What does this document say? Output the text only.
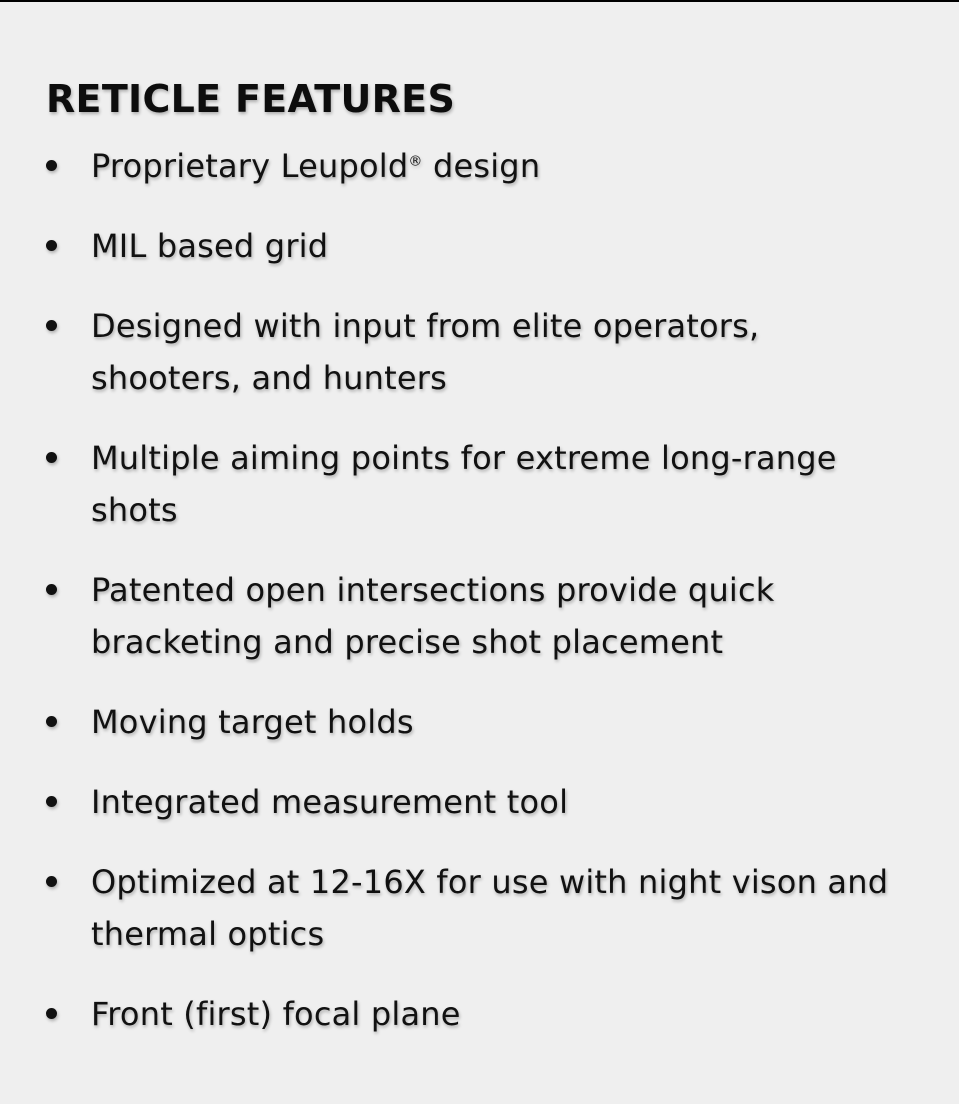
RETICLE FEATURES
Proprietary Leupold® design
MIL based grid
Designed with input from elite operators, shooters, and hunters
Multiple aiming points for extreme long-range shots
Patented open intersections provide quick bracketing and precise shot placement
Moving target holds
Integrated measurement tool
Optimized at 12-16X for use with night vison and thermal optics
Front (first) focal plane
